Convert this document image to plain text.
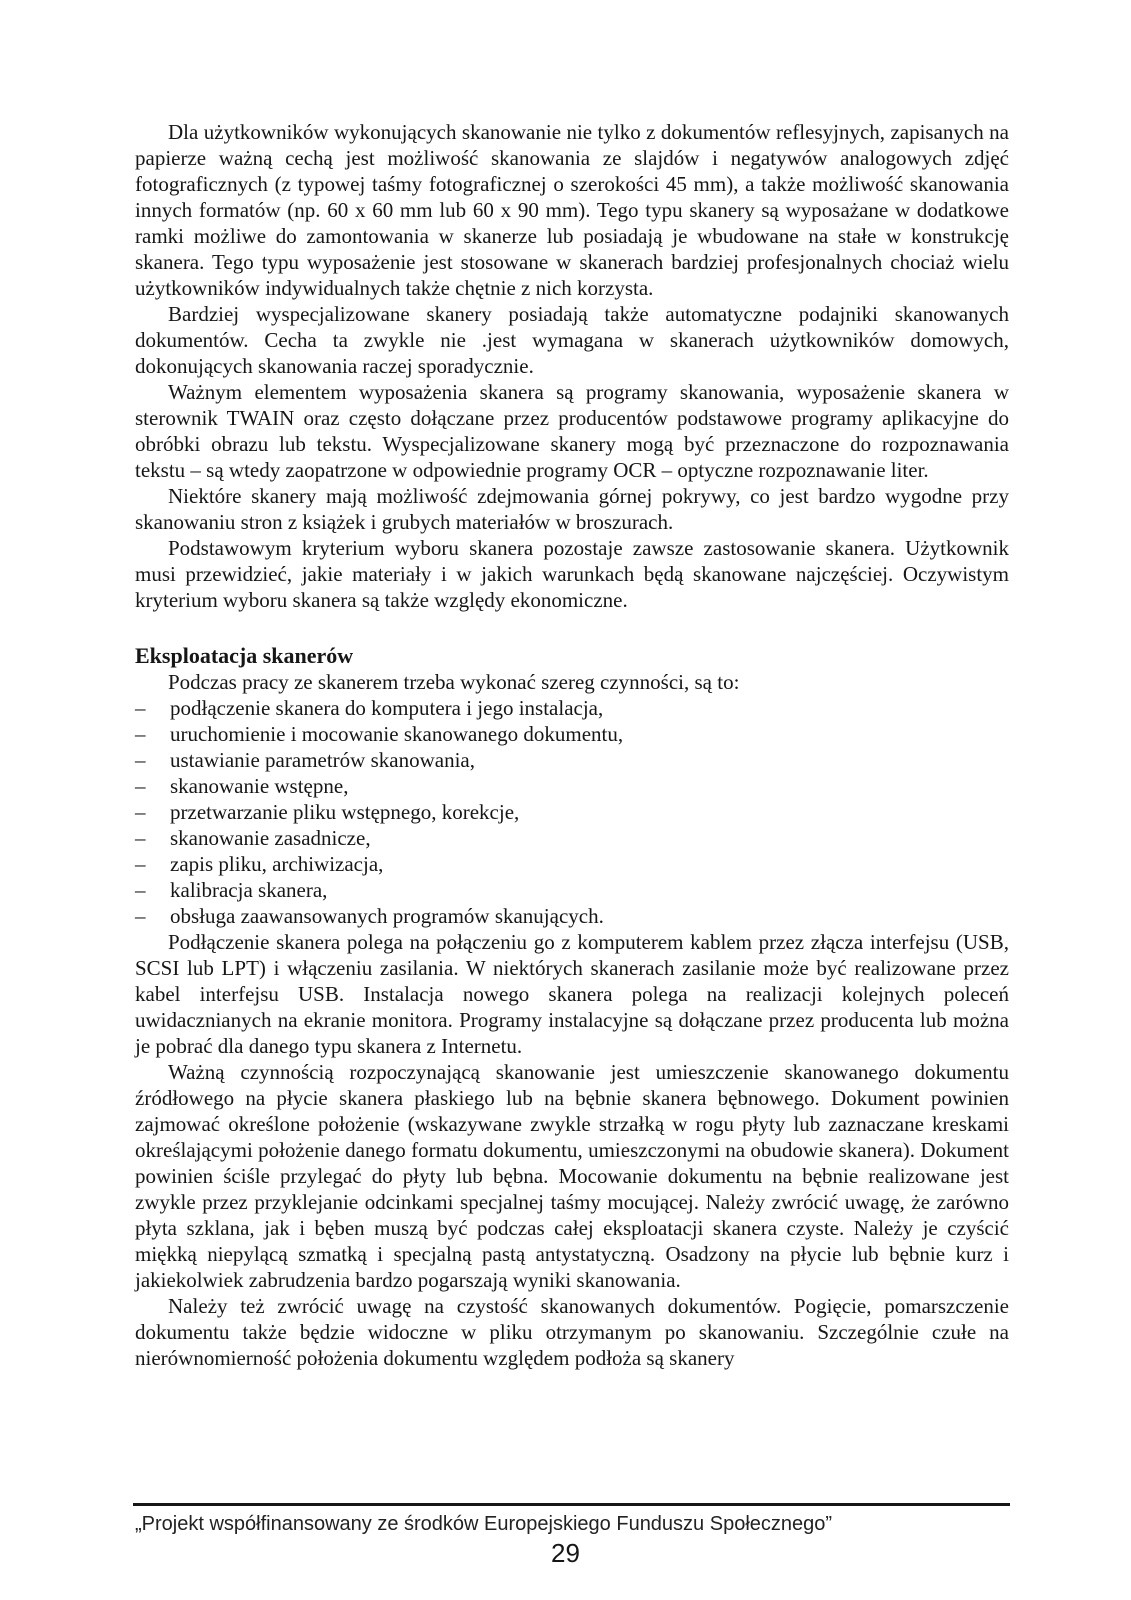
Dla użytkowników wykonujących skanowanie nie tylko z dokumentów reflesyjnych, zapisanych na papierze ważną cechą jest możliwość skanowania ze slajdów i negatywów analogowych zdjęć fotograficznych (z typowej taśmy fotograficznej o szerokości 45 mm), a także możliwość skanowania innych formatów (np. 60 x 60 mm lub 60 x 90 mm). Tego typu skanery są wyposażane w dodatkowe ramki możliwe do zamontowania w skanerze lub posiadają je wbudowane na stałe w konstrukcję skanera. Tego typu wyposażenie jest stosowane w skanerach bardziej profesjonalnych chociaż wielu użytkowników indywidualnych także chętnie z nich korzysta.

Bardziej wyspecjalizowane skanery posiadają także automatyczne podajniki skanowanych dokumentów. Cecha ta zwykle nie .jest wymagana w skanerach użytkowników domowych, dokonujących skanowania raczej sporadycznie.

Ważnym elementem wyposażenia skanera są programy skanowania, wyposażenie skanera w sterownik TWAIN oraz często dołączane przez producentów podstawowe programy aplikacyjne do obróbki obrazu lub tekstu. Wyspecjalizowane skanery mogą być przeznaczone do rozpoznawania tekstu – są wtedy zaopatrzone w odpowiednie programy OCR – optyczne rozpoznawanie liter.

Niektóre skanery mają możliwość zdejmowania górnej pokrywy, co jest bardzo wygodne przy skanowaniu stron z książek i grubych materiałów w broszurach.

Podstawowym kryterium wyboru skanera pozostaje zawsze zastosowanie skanera. Użytkownik musi przewidzieć, jakie materiały i w jakich warunkach będą skanowane najczęściej. Oczywistym kryterium wyboru skanera są także względy ekonomiczne.

Eksploatacja skanerów

Podczas pracy ze skanerem trzeba wykonać szereg czynności, są to:

–	podłączenie skanera do komputera i jego instalacja,
–	uruchomienie i mocowanie skanowanego dokumentu,
–	ustawianie parametrów skanowania,
–	skanowanie wstępne,
–	przetwarzanie pliku wstępnego, korekcje,
–	skanowanie zasadnicze,
–	zapis pliku, archiwizacja,
–	kalibracja skanera,
–	obsługa zaawansowanych programów skanujących.

Podłączenie skanera polega na połączeniu go z komputerem kablem przez złącza interfejsu (USB, SCSI lub LPT) i włączeniu zasilania. W niektórych skanerach zasilanie może być realizowane przez kabel interfejsu USB. Instalacja nowego skanera polega na realizacji kolejnych poleceń uwidacznianych na ekranie monitora. Programy instalacyjne są dołączane przez producenta lub można je pobrać dla danego typu skanera z Internetu.

Ważną czynnością rozpoczynającą skanowanie jest umieszczenie skanowanego dokumentu źródłowego na płycie skanera płaskiego lub na bębnie skanera bębnowego. Dokument powinien zajmować określone położenie (wskazywane zwykle strzałką w rogu płyty lub zaznaczane kreskami określającymi położenie danego formatu dokumentu, umieszczonymi na obudowie skanera). Dokument powinien ściśle przylegać do płyty lub bębna. Mocowanie dokumentu na bębnie realizowane jest zwykle przez przyklejanie odcinkami specjalnej taśmy mocującej. Należy zwrócić uwagę, że zarówno płyta szklana, jak i bęben muszą być podczas całej eksploatacji skanera czyste. Należy je czyścić miękką niepylącą szmatką i specjalną pastą antystatyczną. Osadzony na płycie lub bębnie kurz i jakiekolwiek zabrudzenia bardzo pogarszają wyniki skanowania.

Należy też zwrócić uwagę na czystość skanowanych dokumentów. Pogięcie, pomarszczenie dokumentu także będzie widoczne w pliku otrzymanym po skanowaniu. Szczególnie czułe na nierównomierność położenia dokumentu względem podłoża są skanery

„Projekt współfinansowany ze środków Europejskiego Funduszu Społecznego”
29
